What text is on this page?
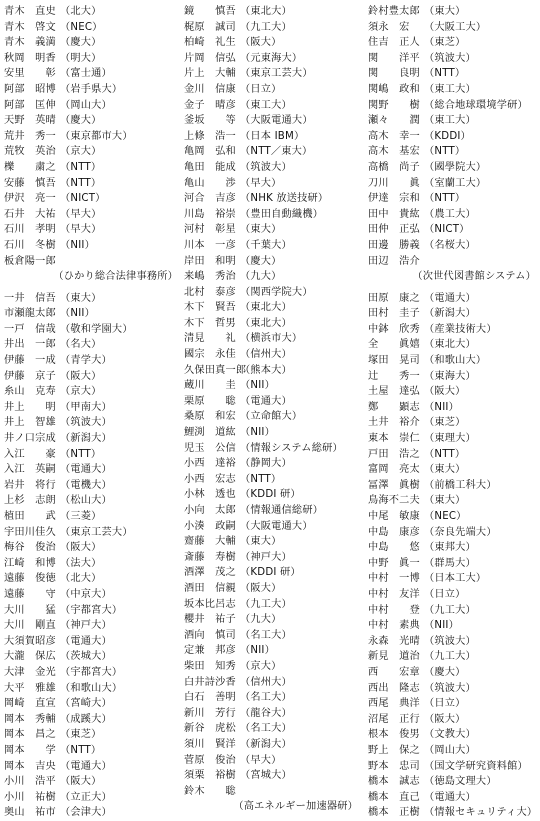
青木　直史 （北大）
青木　啓文 （NEC）
青木　義満 （慶大）
秋岡　明香 （明大）
安里　　彰 （富士通）
阿部　昭博 （岩手県大）
阿部　匡伸 （岡山大）
天野　英晴 （慶大）
荒井　秀一 （東京都市大）
荒牧　英治 （京大）
櫟　　粛之 （NTT）
安藤　慎吾 （NTT）
伊沢　亮一 （NICT）
石井　大祐 （早大）
石川　孝明 （早大）
石川　冬樹 （NII）
板倉陽一郎
（ひかり総合法律事務所）
一井　信吾 （東大）
市瀬龍太郎 （NII）
一戸　信哉 （敬和学園大）
井出　一郎 （名大）
伊藤　一成 （青学大）
伊藤　京子 （阪大）
糸山　克寿 （京大）
井上　　明 （甲南大）
井上　智雄 （筑波大）
井ノ口宗成 （新潟大）
入江　　豪 （NTT）
入江　英嗣 （電通大）
岩井　将行 （電機大）
上杉　志朗 （松山大）
植田　　武 （三菱）
宇田川佳久 （東京工芸大）
梅谷　俊治 （阪大）
江崎　和博 （法大）
遠藤　俊徳 （北大）
遠藤　　守 （中京大）
大川　　猛 （宇都宮大）
大川　剛直 （神戸大）
大須賀昭彦 （電通大）
大瀧　保広 （茨城大）
大津　金光 （宇都宮大）
大平　雅雄 （和歌山大）
岡崎　直宣 （宮崎大）
岡本　秀輔 （成蹊大）
岡本　昌之 （東芝）
岡本　　学 （NTT）
岡本　吉央 （電通大）
小川　浩平 （阪大）
小川　祐樹 （立正大）
奥山　祐市 （会津大）
鏡　　慎吾 （東北大）
梶原　誠司 （九工大）
柏崎　礼生 （阪大）
片岡　信弘 （元東海大）
片上　大輔 （東京工芸大）
金川　信康 （日立）
金子　晴彦 （東工大）
釜坂　　等 （大阪電通大）
上條　浩一 （日本 IBM）
亀岡　弘和 （NTT／東大）
亀田　能成 （筑波大）
亀山　　渉 （早大）
河合　吉彦 （NHK 放送技研）
川島　裕崇 （豊田自動織機）
河村　彰星 （東大）
川本　一彦 （千葉大）
岸田　和明 （慶大）
来嶋　秀治 （九大）
北村　泰彦 （関西学院大）
木下　賢吾 （東北大）
木下　哲男 （東北大）
清見　　礼 （横浜市大）
國宗　永佳 （信州大）
久保田真一郎
（熊本大）
蔵川　　圭 （NII）
栗原　　聡 （電通大）
桑原　和宏 （立命館大）
鯉渕　道紘 （NII）
児玉　公信 （情報システム総研）
小西　達裕 （静岡大）
小西　宏志 （NTT）
小林　透也 （KDDI 研）
小向　太郎 （情報通信総研）
小湊　政嗣 （大阪電通大）
齋藤　大輔 （東大）
斎藤　寿樹 （神戸大）
酒澤　茂之 （KDDI 研）
酒田　信親 （阪大）
坂本比呂志 （九工大）
櫻井　祐子 （九大）
酒向　慎司 （名工大）
定兼　邦彦 （NII）
柴田　知秀 （京大）
白井詩沙香 （信州大）
白石　善明 （名工大）
新川　芳行 （龍谷大）
新谷　虎松 （名工大）
須川　賢洋 （新潟大）
菅原　俊治 （早大）
須栗　裕樹 （宮城大）
鈴木　　聡
（高エネルギー加速器研）
鈴村豊太郎 （東大）
須永　宏	（大阪工大）
住吉　正人 （東芝）
関　　洋平 （筑波大）
関　　良明 （NTT）
関嶋　政和 （東工大）
関野　　樹 （総合地球環境学研）
瀬々　　潤 （東工大）
高木　幸一 （KDDI）
高木　基宏 （NTT）
高橋　尚子 （國學院大）
刀川　　眞 （室蘭工大）
伊達　宗和 （NTT）
田中　貴紘 （農工大）
田仲　正弘 （NICT）
田邊　勝義 （名桜大）
田辺　浩介
（次世代図書館システム）
田原　康之 （電通大）
田村　圭子 （新潟大）
中鉢　欣秀 （産業技術大）
全　　眞嬉 （東北大）
塚田　晃司 （和歌山大）
辻　　秀一 （東海大）
土屋　達弘 （阪大）
鄭　　顕志 （NII）
土井　裕介 （東芝）
東本　崇仁 （東理大）
戸田　浩之 （NTT）
富岡　亮太 （東大）
冨澤　眞樹 （前橋工科大）
鳥海不二夫 （東大）
中尾　敏康 （NEC）
中島　康彦 （奈良先端大）
中島　　悠 （東邦大）
中野　眞一 （群馬大）
中村　一博 （日本工大）
中村　友洋 （日立）
中村　　登 （九工大）
中村　素典 （NII）
永森　光晴 （筑波大）
新見　道治 （九工大）
西　　宏章 （慶大）
西出　隆志 （筑波大）
西尾　典洋 （日立）
沼尾　正行 （阪大）
根本　俊男 （文教大）
野上　保之 （岡山大）
野本　忠司 （国文学研究資料館）
橋本　誠志 （徳島文理大）
橋本　直己 （電通大）
橋本　正樹 （情報セキュリティ大）
